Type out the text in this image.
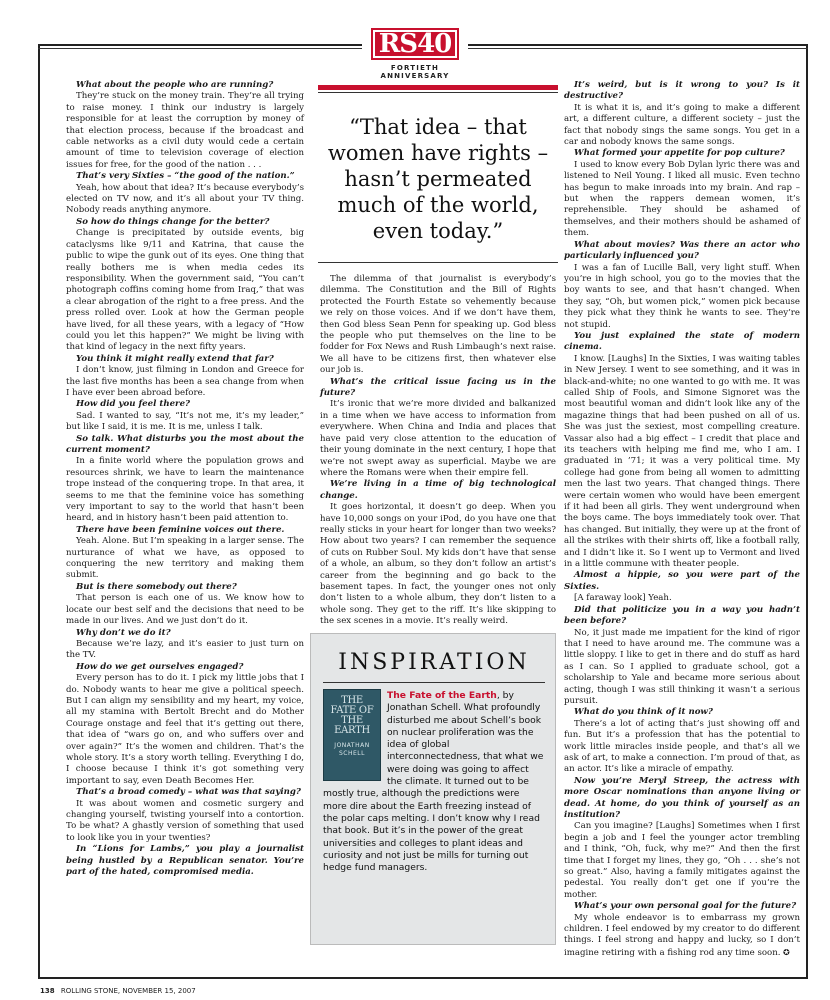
RS40
FORTIETH ANNIVERSARY

What about the people who are running?

They’re stuck on the money train. They’re all trying to raise money. I think our industry is largely responsible for at least the corruption by money of that election process, because if the broadcast and cable networks as a civil duty would cede a certain amount of time to television coverage of election issues for free, for the good of the nation . . .

That’s very Sixties – “the good of the nation.”

Yeah, how about that idea? It’s because everybody’s elected on TV now, and it’s all about your TV thing. Nobody reads anything anymore.

So how do things change for the better?

Change is precipitated by outside events, big cataclysms like 9/11 and Katrina, that cause the public to wipe the gunk out of its eyes. One thing that really bothers me is when media cedes its responsibility. When the government said, “You can’t photograph coffins coming home from Iraq,” that was a clear abrogation of the right to a free press. And the press rolled over. Look at how the German people have lived, for all these years, with a legacy of “How could you let this happen?” We might be living with that kind of legacy in the next fifty years.

You think it might really extend that far?

I don’t know, just filming in London and Greece for the last five months has been a sea change from when I have ever been abroad before.

How did you feel there?

Sad. I wanted to say, “It’s not me, it’s my leader,” but like I said, it is me. It is me, unless I talk.

So talk. What disturbs you the most about the current moment?

In a finite world where the population grows and resources shrink, we have to learn the maintenance trope instead of the conquering trope. In that area, it seems to me that the feminine voice has something very important to say to the world that hasn’t been heard, and in history hasn’t been paid attention to.

There have been feminine voices out there.

Yeah. Alone. But I’m speaking in a larger sense. The nurturance of what we have, as opposed to conquering the new territory and making them submit.

But is there somebody out there?

That person is each one of us. We know how to locate our best self and the decisions that need to be made in our lives. And we just don’t do it.

Why don’t we do it?

Because we’re lazy, and it’s easier to just turn on the TV.

How do we get ourselves engaged?

Every person has to do it. I pick my little jobs that I do. Nobody wants to hear me give a political speech. But I can align my sensibility and my heart, my voice, all my stamina with Bertolt Brecht and do Mother Courage onstage and feel that it’s getting out there, that idea of “wars go on, and who suffers over and over again?” It’s the women and children. That’s the whole story. It’s a story worth telling. Everything I do, I choose because I think it’s got something very important to say, even Death Becomes Her.

That’s a broad comedy – what was that saying?

It was about women and cosmetic surgery and changing yourself, twisting yourself into a contortion. To be what? A ghastly version of something that used to look like you in your twenties?

In “Lions for Lambs,” you play a journalist being hustled by a Republican senator. You’re part of the hated, compromised media.

“That idea – that women have rights – hasn’t permeated much of the world, even today.”

The dilemma of that journalist is everybody’s dilemma. The Constitution and the Bill of Rights protected the Fourth Estate so vehemently because we rely on those voices. And if we don’t have them, then God bless Sean Penn for speaking up. God bless the people who put themselves on the line to be fodder for Fox News and Rush Limbaugh’s next raise. We all have to be citizens first, then whatever else our job is.

What’s the critical issue facing us in the future?

It’s ironic that we’re more divided and balkanized in a time when we have access to information from everywhere. When China and India and places that have paid very close attention to the education of their young dominate in the next century, I hope that we’re not swept away as superficial. Maybe we are where the Romans were when their empire fell.

We’re living in a time of big technological change.

It goes horizontal, it doesn’t go deep. When you have 10,000 songs on your iPod, do you have one that really sticks in your heart for longer than two weeks? How about two years? I can remember the sequence of cuts on Rubber Soul. My kids don’t have that sense of a whole, an album, so they don’t follow an artist’s career from the beginning and go back to the basement tapes. In fact, the younger ones not only don’t listen to a whole album, they don’t listen to a whole song. They get to the riff. It’s like skipping to the sex scenes in a movie. It’s really weird.

INSPIRATION
THE FATE OF THE EARTH
JONATHAN SCHELL
The Fate of the Earth, by Jonathan Schell. What profoundly disturbed me about Schell’s book on nuclear proliferation was the idea of global interconnectedness, that what we were doing was going to affect the climate. It turned out to be mostly true, although the predictions were more dire about the Earth freezing instead of the polar caps melting. I don’t know why I read that book. But it’s in the power of the great universities and colleges to plant ideas and curiosity and not just be mills for turning out hedge fund managers.

It’s weird, but is it wrong to you? Is it destructive?

It is what it is, and it’s going to make a different art, a different culture, a different society – just the fact that nobody sings the same songs. You get in a car and nobody knows the same songs.

What formed your appetite for pop culture?

I used to know every Bob Dylan lyric there was and listened to Neil Young. I liked all music. Even techno has begun to make inroads into my brain. And rap – but when the rappers demean women, it’s reprehensible. They should be ashamed of themselves, and their mothers should be ashamed of them.

What about movies? Was there an actor who particularly influenced you?

I was a fan of Lucille Ball, very light stuff. When you’re in high school, you go to the movies that the boy wants to see, and that hasn’t changed. When they say, “Oh, but women pick,” women pick because they pick what they think he wants to see. They’re not stupid.

You just explained the state of modern cinema.

I know. [Laughs] In the Sixties, I was waiting tables in New Jersey. I went to see something, and it was in black-and-white; no one wanted to go with me. It was called Ship of Fools, and Simone Signoret was the most beautiful woman and didn’t look like any of the magazine things that had been pushed on all of us. She was just the sexiest, most compelling creature. Vassar also had a big effect – I credit that place and its teachers with helping me find me, who I am. I graduated in ’71; it was a very political time. My college had gone from being all women to admitting men the last two years. That changed things. There were certain women who would have been emergent if it had been all girls. They went underground when the boys came. The boys immediately took over. That has changed. But initially, they were up at the front of all the strikes with their shirts off, like a football rally, and I didn’t like it. So I went up to Vermont and lived in a little commune with theater people.

Almost a hippie, so you were part of the Sixties.

[A faraway look] Yeah.

Did that politicize you in a way you hadn’t been before?

No, it just made me impatient for the kind of rigor that I need to have around me. The commune was a little sloppy. I like to get in there and do stuff as hard as I can. So I applied to graduate school, got a scholarship to Yale and became more serious about acting, though I was still thinking it wasn’t a serious pursuit.

What do you think of it now?

There’s a lot of acting that’s just showing off and fun. But it’s a profession that has the potential to work little miracles inside people, and that’s all we ask of art, to make a connection. I’m proud of that, as an actor. It’s like a miracle of empathy.

Now you’re Meryl Streep, the actress with more Oscar nominations than anyone living or dead. At home, do you think of yourself as an institution?

Can you imagine? [Laughs] Sometimes when I first begin a job and I feel the younger actor trembling and I think, “Oh, fuck, why me?” And then the first time that I forget my lines, they go, “Oh . . . she’s not so great.” Also, having a family mitigates against the pedestal. You really don’t get one if you’re the mother.

What’s your own personal goal for the future?

My whole endeavor is to embarrass my grown children. I feel endowed by my creator to do different things. I feel strong and happy and lucky, so I don’t imagine retiring with a fishing rod any time soon. ✪

138 ROLLING STONE, NOVEMBER 15, 2007
